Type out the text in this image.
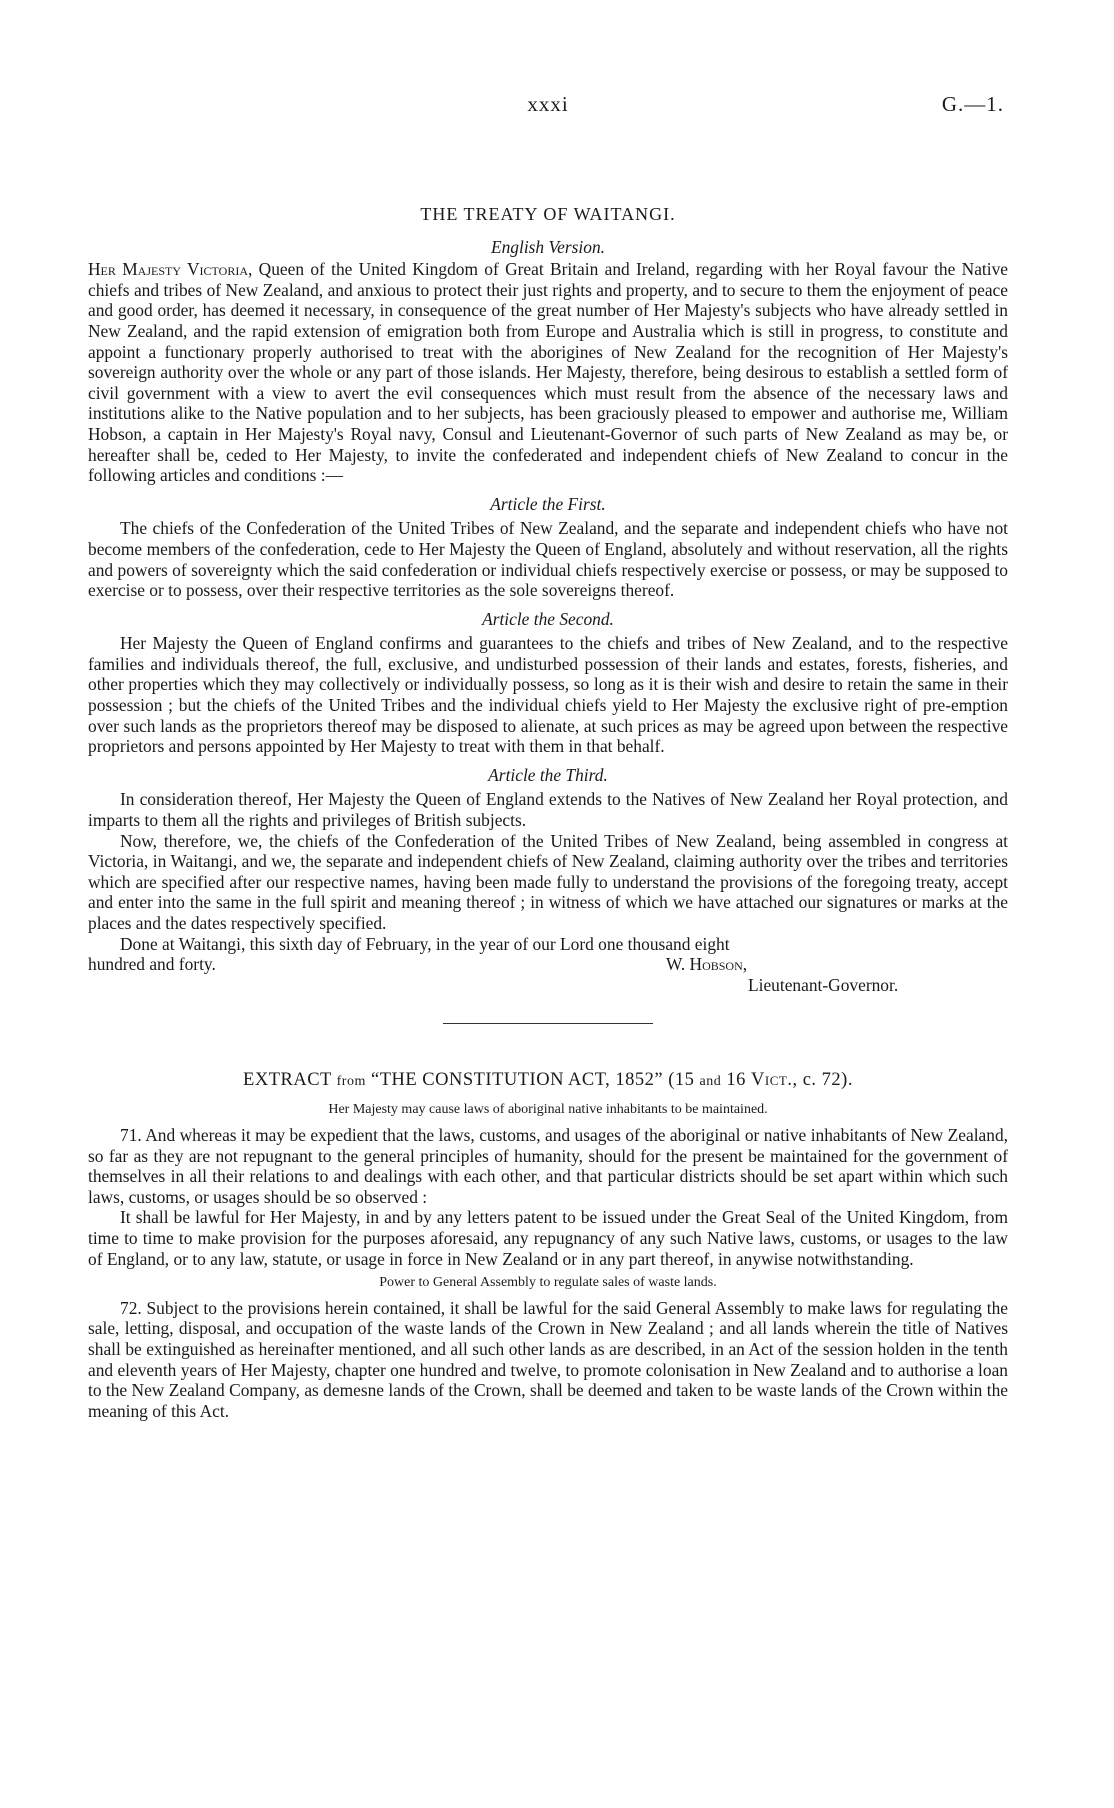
xxxi	G.—1.
THE TREATY OF WAITANGI.
English Version.

Her Majesty Victoria, Queen of the United Kingdom of Great Britain and Ireland, regarding with her Royal favour the Native chiefs and tribes of New Zealand, and anxious to protect their just rights and property, and to secure to them the enjoyment of peace and good order, has deemed it necessary, in consequence of the great number of Her Majesty's subjects who have already settled in New Zealand, and the rapid extension of emigration both from Europe and Australia which is still in progress, to constitute and appoint a functionary properly authorised to treat with the aborigines of New Zealand for the recognition of Her Majesty's sovereign authority over the whole or any part of those islands. Her Majesty, therefore, being desirous to establish a settled form of civil government with a view to avert the evil consequences which must result from the absence of the necessary laws and institutions alike to the Native population and to her subjects, has been graciously pleased to empower and authorise me, William Hobson, a captain in Her Majesty's Royal navy, Consul and Lieutenant-Governor of such parts of New Zealand as may be, or hereafter shall be, ceded to Her Majesty, to invite the confederated and independent chiefs of New Zealand to concur in the following articles and conditions :—

Article the First.

The chiefs of the Confederation of the United Tribes of New Zealand, and the separate and independent chiefs who have not become members of the confederation, cede to Her Majesty the Queen of England, absolutely and without reservation, all the rights and powers of sovereignty which the said confederation or individual chiefs respectively exercise or possess, or may be supposed to exercise or to possess, over their respective territories as the sole sovereigns thereof.

Article the Second.

Her Majesty the Queen of England confirms and guarantees to the chiefs and tribes of New Zealand, and to the respective families and individuals thereof, the full, exclusive, and undisturbed possession of their lands and estates, forests, fisheries, and other properties which they may collectively or individually possess, so long as it is their wish and desire to retain the same in their possession ; but the chiefs of the United Tribes and the individual chiefs yield to Her Majesty the exclusive right of pre-emption over such lands as the proprietors thereof may be disposed to alienate, at such prices as may be agreed upon between the respective proprietors and persons appointed by Her Majesty to treat with them in that behalf.

Article the Third.

In consideration thereof, Her Majesty the Queen of England extends to the Natives of New Zealand her Royal protection, and imparts to them all the rights and privileges of British subjects.

Now, therefore, we, the chiefs of the Confederation of the United Tribes of New Zealand, being assembled in congress at Victoria, in Waitangi, and we, the separate and independent chiefs of New Zealand, claiming authority over the tribes and territories which are specified after our respective names, having been made fully to understand the provisions of the foregoing treaty, accept and enter into the same in the full spirit and meaning thereof ; in witness of which we have attached our signatures or marks at the places and the dates respectively specified.

Done at Waitangi, this sixth day of February, in the year of our Lord one thousand eight

hundred and forty.	W. Hobson,
Lieutenant-Governor.
EXTRACT from “THE CONSTITUTION ACT, 1852” (15 and 16 Vict., c. 72).
Her Majesty may cause laws of aboriginal native inhabitants to be maintained.

71. And whereas it may be expedient that the laws, customs, and usages of the aboriginal or native inhabitants of New Zealand, so far as they are not repugnant to the general principles of humanity, should for the present be maintained for the government of themselves in all their relations to and dealings with each other, and that particular districts should be set apart within which such laws, customs, or usages should be so observed :

It shall be lawful for Her Majesty, in and by any letters patent to be issued under the Great Seal of the United Kingdom, from time to time to make provision for the purposes aforesaid, any repugnancy of any such Native laws, customs, or usages to the law of England, or to any law, statute, or usage in force in New Zealand or in any part thereof, in anywise notwithstanding.

Power to General Assembly to regulate sales of waste lands.

72. Subject to the provisions herein contained, it shall be lawful for the said General Assembly to make laws for regulating the sale, letting, disposal, and occupation of the waste lands of the Crown in New Zealand ; and all lands wherein the title of Natives shall be extinguished as hereinafter mentioned, and all such other lands as are described, in an Act of the session holden in the tenth and eleventh years of Her Majesty, chapter one hundred and twelve, to promote colonisation in New Zealand and to authorise a loan to the New Zealand Company, as demesne lands of the Crown, shall be deemed and taken to be waste lands of the Crown within the meaning of this Act.
